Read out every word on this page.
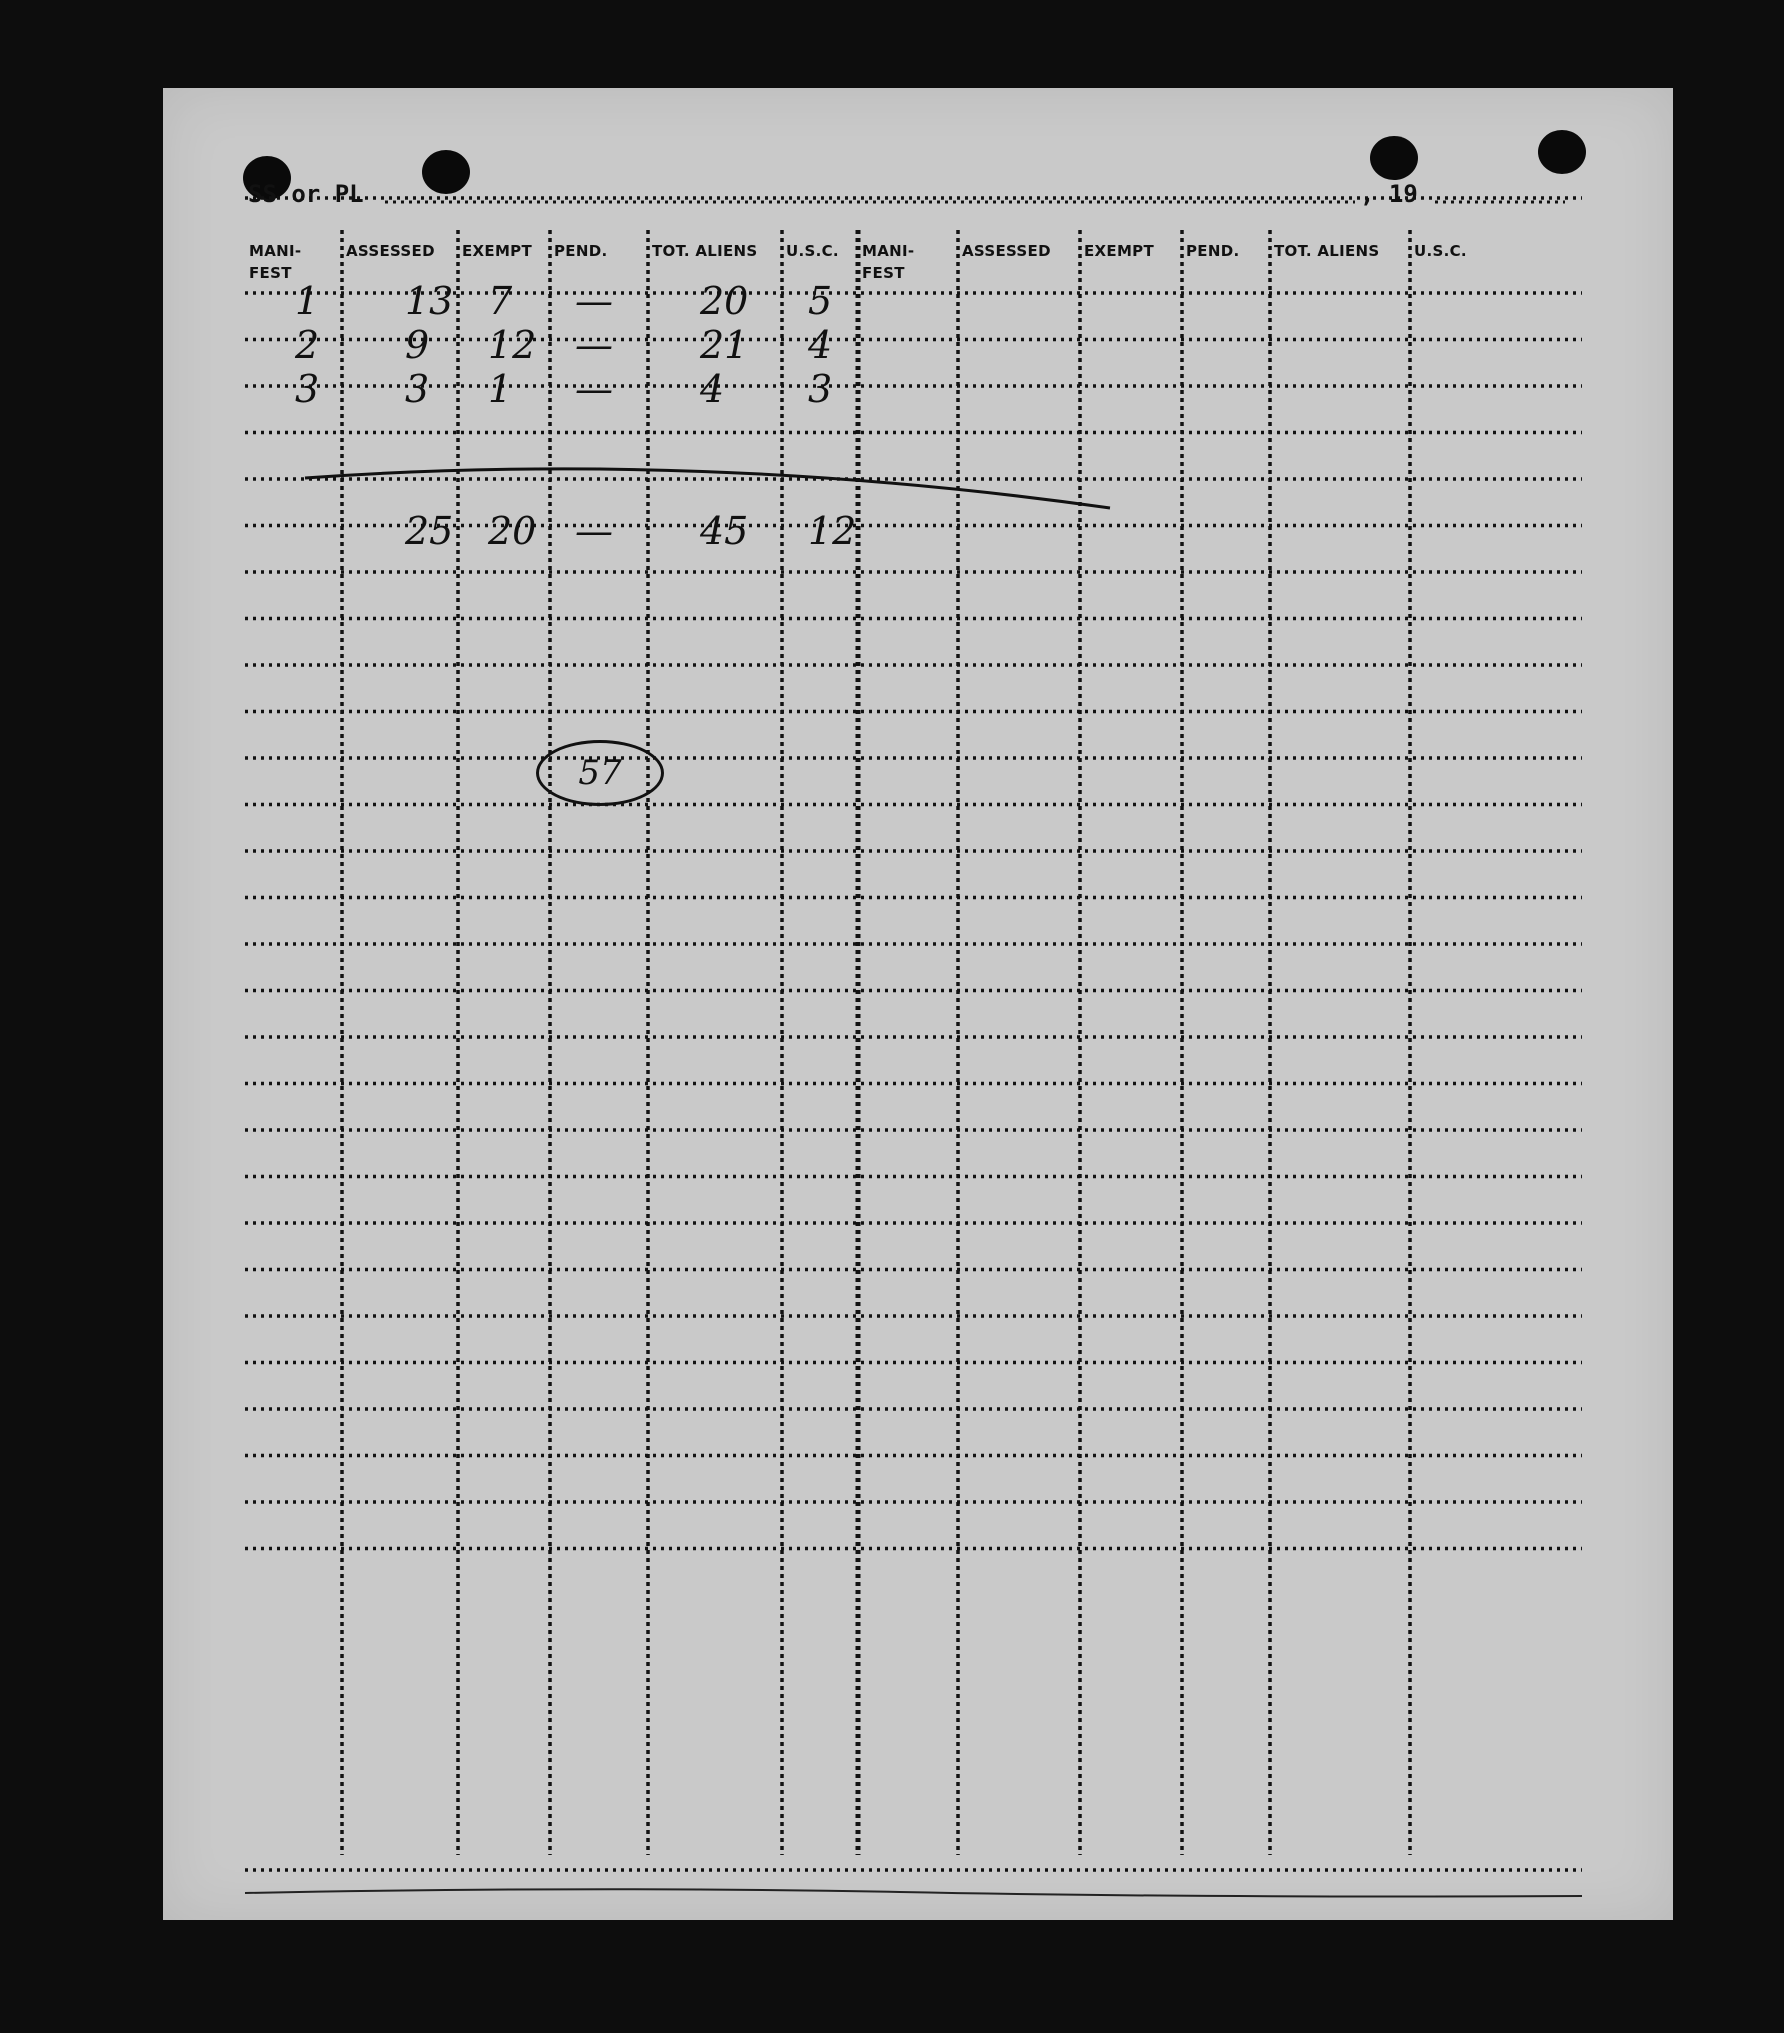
SS or PL	, 19
MANI-
FEST
ASSESSED EXEMPT PEND.	TOT. ALIENS U.S.C. MANI-
FEST
ASSESSED EXEMPT PEND. TOT. ALIENS U.S.C.
1 13 7 — 20 5
2 9 12 — 21 4
3 3 1 — 4 3
25 20 — 45 12
57
